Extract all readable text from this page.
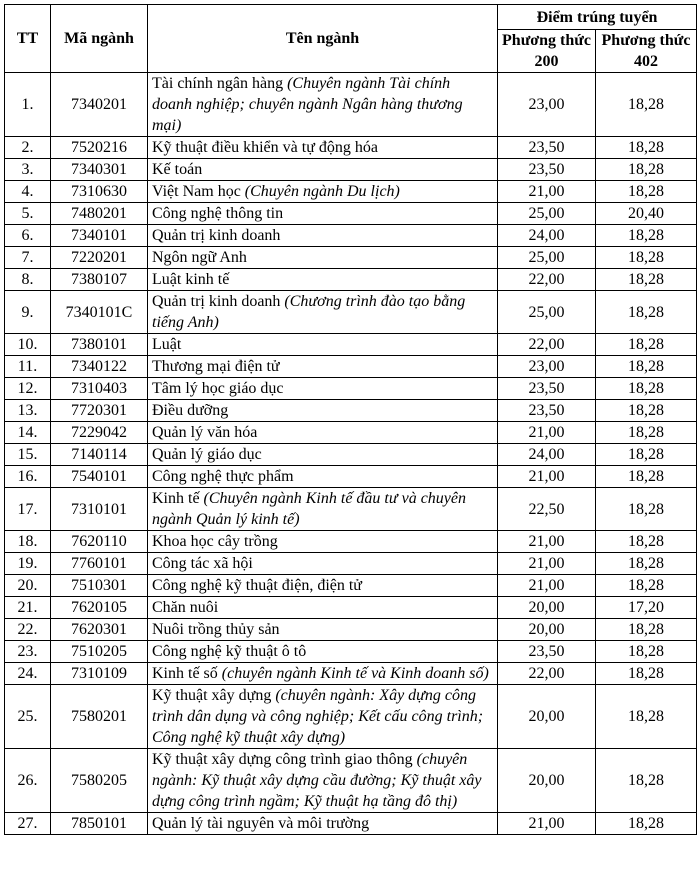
TT	Mã ngành	Tên ngành	Điểm trúng tuyển	
			Phương thức 200	Phương thức 402
1.	7340201	Tài chính ngân hàng (Chuyên ngành Tài chính doanh nghiệp; chuyên ngành Ngân hàng thương mại)	23,00	18,28
2.	7520216	Kỹ thuật điều khiển và tự động hóa	23,50	18,28
3.	7340301	Kế toán	23,50	18,28
4.	7310630	Việt Nam học (Chuyên ngành Du lịch)	21,00	18,28
5.	7480201	Công nghệ thông tin	25,00	20,40
6.	7340101	Quản trị kinh doanh	24,00	18,28
7.	7220201	Ngôn ngữ Anh	25,00	18,28
8.	7380107	Luật kinh tế	22,00	18,28
9.	7340101C	Quản trị kinh doanh (Chương trình đào tạo bằng tiếng Anh)	25,00	18,28
10.	7380101	Luật	22,00	18,28
11.	7340122	Thương mại điện tử	23,00	18,28
12.	7310403	Tâm lý học giáo dục	23,50	18,28
13.	7720301	Điều dưỡng	23,50	18,28
14.	7229042	Quản lý văn hóa	21,00	18,28
15.	7140114	Quản lý giáo dục	24,00	18,28
16.	7540101	Công nghệ thực phẩm	21,00	18,28
17.	7310101	Kinh tế (Chuyên ngành Kinh tế đầu tư và chuyên ngành Quản lý kinh tế)	22,50	18,28
18.	7620110	Khoa học cây trồng	21,00	18,28
19.	7760101	Công tác xã hội	21,00	18,28
20.	7510301	Công nghệ kỹ thuật điện, điện tử	21,00	18,28
21.	7620105	Chăn nuôi	20,00	17,20
22.	7620301	Nuôi trồng thủy sản	20,00	18,28
23.	7510205	Công nghệ kỹ thuật ô tô	23,50	18,28
24.	7310109	Kinh tế số (chuyên ngành Kinh tế và Kinh doanh số)	22,00	18,28
25.	7580201	Kỹ thuật xây dựng (chuyên ngành: Xây dựng công trình dân dụng và công nghiệp; Kết cấu công trình; Công nghệ kỹ thuật xây dựng)	20,00	18,28
26.	7580205	Kỹ thuật xây dựng công trình giao thông (chuyên ngành: Kỹ thuật xây dựng cầu đường; Kỹ thuật xây dựng công trình ngầm; Kỹ thuật hạ tầng đô thị)	20,00	18,28
27.	7850101	Quản lý tài nguyên và môi trường	21,00	18,28
